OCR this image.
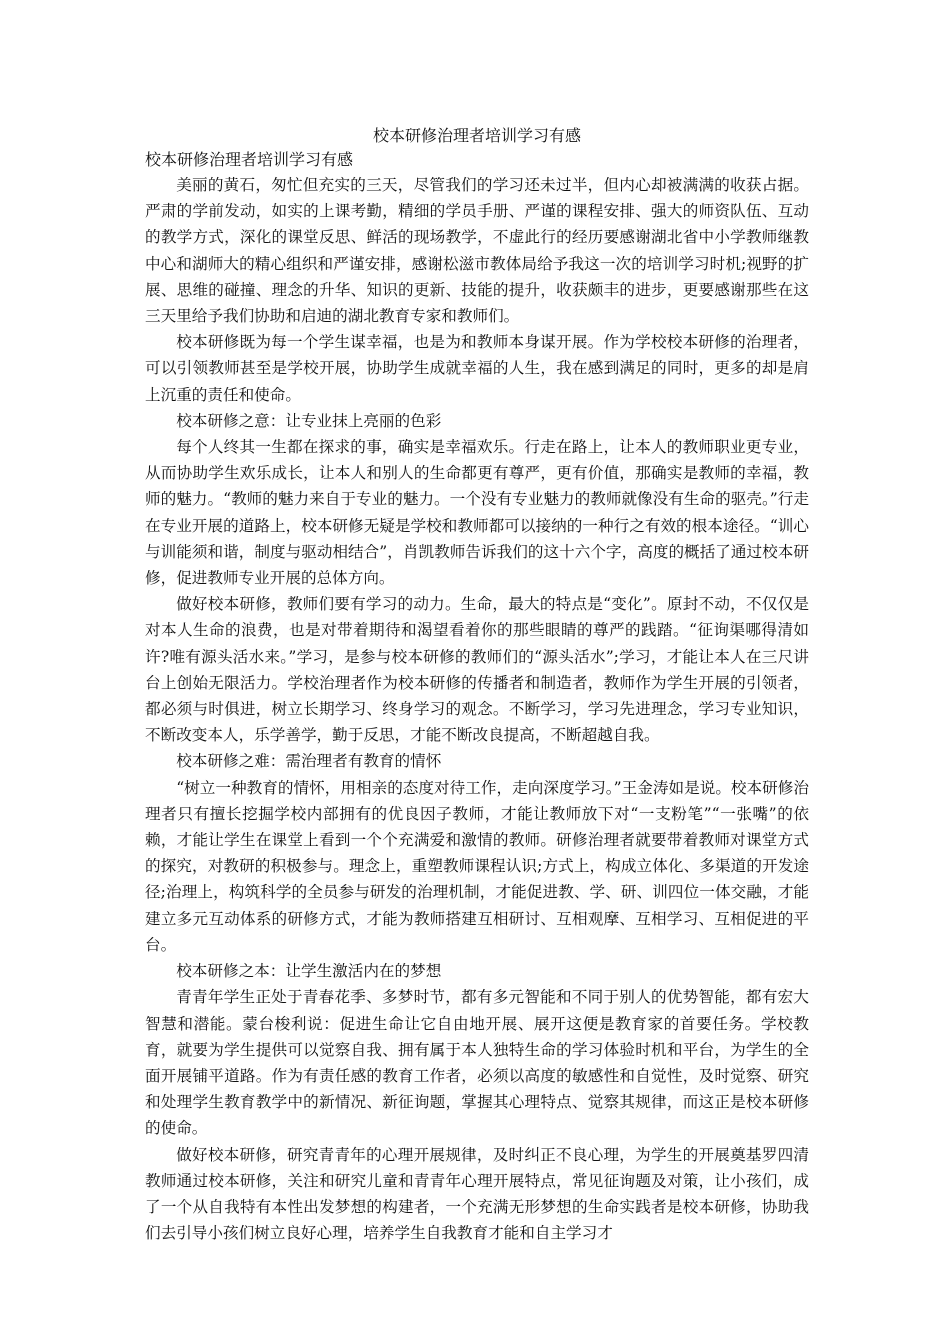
校本研修治理者培训学习有感
校本研修治理者培训学习有感

美丽的黄石，匆忙但充实的三天，尽管我们的学习还未过半，但内心却被满满的收获占据。严肃的学前发动，如实的上课考勤，精细的学员手册、严谨的课程安排、强大的师资队伍、互动的教学方式，深化的课堂反思、鲜活的现场教学，不虚此行的经历要感谢湖北省中小学教师继教中心和湖师大的精心组织和严谨安排，感谢松滋市教体局给予我这一次的培训学习时机;视野的扩展、思维的碰撞、理念的升华、知识的更新、技能的提升，收获颇丰的进步，更要感谢那些在这三天里给予我们协助和启迪的湖北教育专家和教师们。

校本研修既为每一个学生谋幸福，也是为和教师本身谋开展。作为学校校本研修的治理者，可以引领教师甚至是学校开展，协助学生成就幸福的人生，我在感到满足的同时，更多的却是肩上沉重的责任和使命。

校本研修之意：让专业抹上亮丽的色彩

每个人终其一生都在探求的事，确实是幸福欢乐。行走在路上，让本人的教师职业更专业，从而协助学生欢乐成长，让本人和别人的生命都更有尊严，更有价值，那确实是教师的幸福，教师的魅力。“教师的魅力来自于专业的魅力。一个没有专业魅力的教师就像没有生命的驱壳。”行走在专业开展的道路上，校本研修无疑是学校和教师都可以接纳的一种行之有效的根本途径。“训心与训能须和谐，制度与驱动相结合”，肖凯教师告诉我们的这十六个字，高度的概括了通过校本研修，促进教师专业开展的总体方向。

做好校本研修，教师们要有学习的动力。生命，最大的特点是“变化”。原封不动，不仅仅是对本人生命的浪费，也是对带着期待和渴望看着你的那些眼睛的尊严的践踏。“征询渠哪得清如许?唯有源头活水来。”学习，是参与校本研修的教师们的“源头活水”;学习，才能让本人在三尺讲台上创始无限活力。学校治理者作为校本研修的传播者和制造者，教师作为学生开展的引领者，都必须与时俱进，树立长期学习、终身学习的观念。不断学习，学习先进理念，学习专业知识，不断改变本人，乐学善学，勤于反思，才能不断改良提高，不断超越自我。

校本研修之难：需治理者有教育的情怀

“树立一种教育的情怀，用相亲的态度对待工作，走向深度学习。”王金涛如是说。校本研修治理者只有擅长挖掘学校内部拥有的优良因子教师，才能让教师放下对“一支粉笔”“一张嘴”的依赖，才能让学生在课堂上看到一个个充满爱和激情的教师。研修治理者就要带着教师对课堂方式的探究，对教研的积极参与。理念上，重塑教师课程认识;方式上，构成立体化、多渠道的开发途径;治理上，构筑科学的全员参与研发的治理机制，才能促进教、学、研、训四位一体交融，才能建立多元互动体系的研修方式，才能为教师搭建互相研讨、互相观摩、互相学习、互相促进的平台。

校本研修之本：让学生激活内在的梦想

青青年学生正处于青春花季、多梦时节，都有多元智能和不同于别人的优势智能，都有宏大智慧和潜能。蒙台梭利说：促进生命让它自由地开展、展开这便是教育家的首要任务。学校教育，就要为学生提供可以觉察自我、拥有属于本人独特生命的学习体验时机和平台，为学生的全面开展铺平道路。作为有责任感的教育工作者，必须以高度的敏感性和自觉性，及时觉察、研究和处理学生教育教学中的新情况、新征询题，掌握其心理特点、觉察其规律，而这正是校本研修的使命。

做好校本研修，研究青青年的心理开展规律，及时纠正不良心理，为学生的开展奠基罗四清教师通过校本研修，关注和研究儿童和青青年心理开展特点，常见征询题及对策，让小孩们，成了一个从自我特有本性出发梦想的构建者，一个充满无形梦想的生命实践者是校本研修，协助我们去引导小孩们树立良好心理，培养学生自我教育才能和自主学习才
